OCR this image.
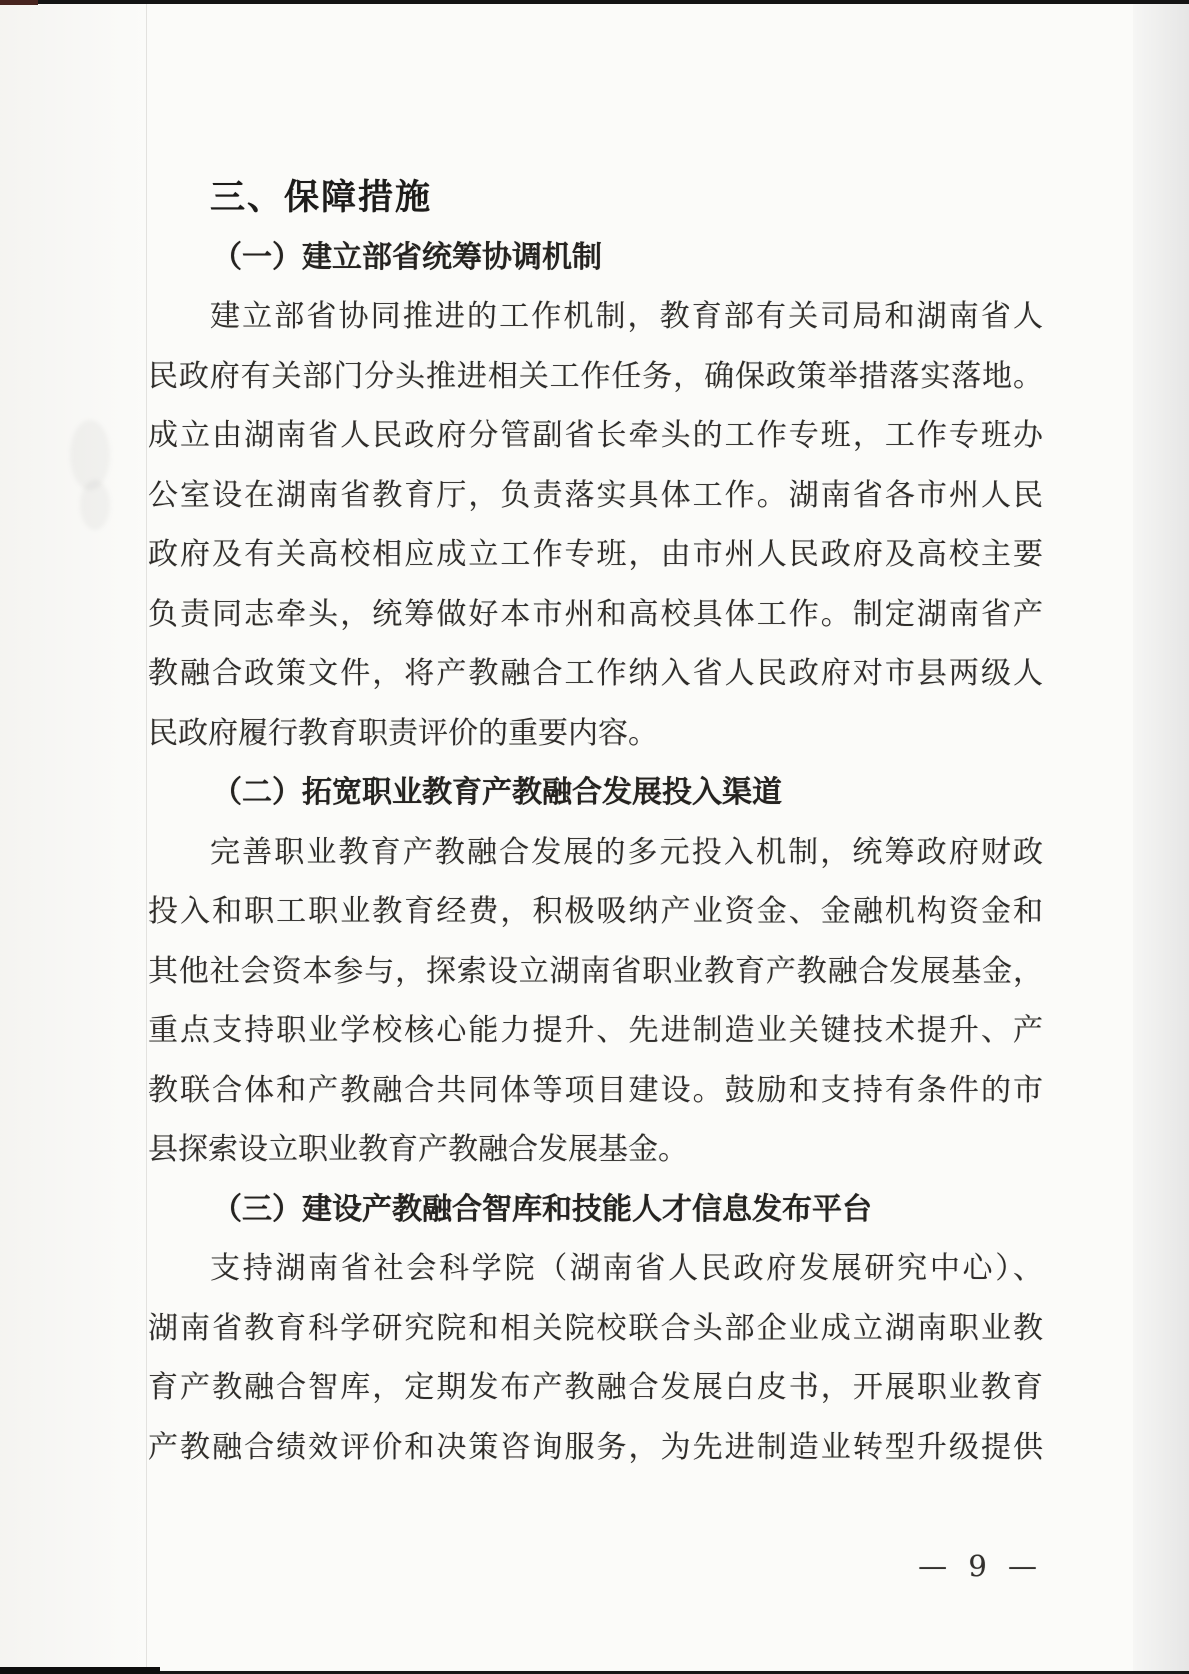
— 9 —
三、保障措施
（一）建立部省统筹协调机制
建立部省协同推进的工作机制，教育部有关司局和湖南省人
民政府有关部门分头推进相关工作任务，确保政策举措落实落地。
成立由湖南省人民政府分管副省长牵头的工作专班，工作专班办
公室设在湖南省教育厅，负责落实具体工作。湖南省各市州人民
政府及有关高校相应成立工作专班，由市州人民政府及高校主要
负责同志牵头，统筹做好本市州和高校具体工作。制定湖南省产
教融合政策文件，将产教融合工作纳入省人民政府对市县两级人
民政府履行教育职责评价的重要内容。
（二）拓宽职业教育产教融合发展投入渠道
完善职业教育产教融合发展的多元投入机制，统筹政府财政
投入和职工职业教育经费，积极吸纳产业资金、金融机构资金和
其他社会资本参与，探索设立湖南省职业教育产教融合发展基金，
重点支持职业学校核心能力提升、先进制造业关键技术提升、产
教联合体和产教融合共同体等项目建设。鼓励和支持有条件的市
县探索设立职业教育产教融合发展基金。
（三）建设产教融合智库和技能人才信息发布平台
支持湖南省社会科学院（湖南省人民政府发展研究中心）、
湖南省教育科学研究院和相关院校联合头部企业成立湖南职业教
育产教融合智库，定期发布产教融合发展白皮书，开展职业教育
产教融合绩效评价和决策咨询服务，为先进制造业转型升级提供
